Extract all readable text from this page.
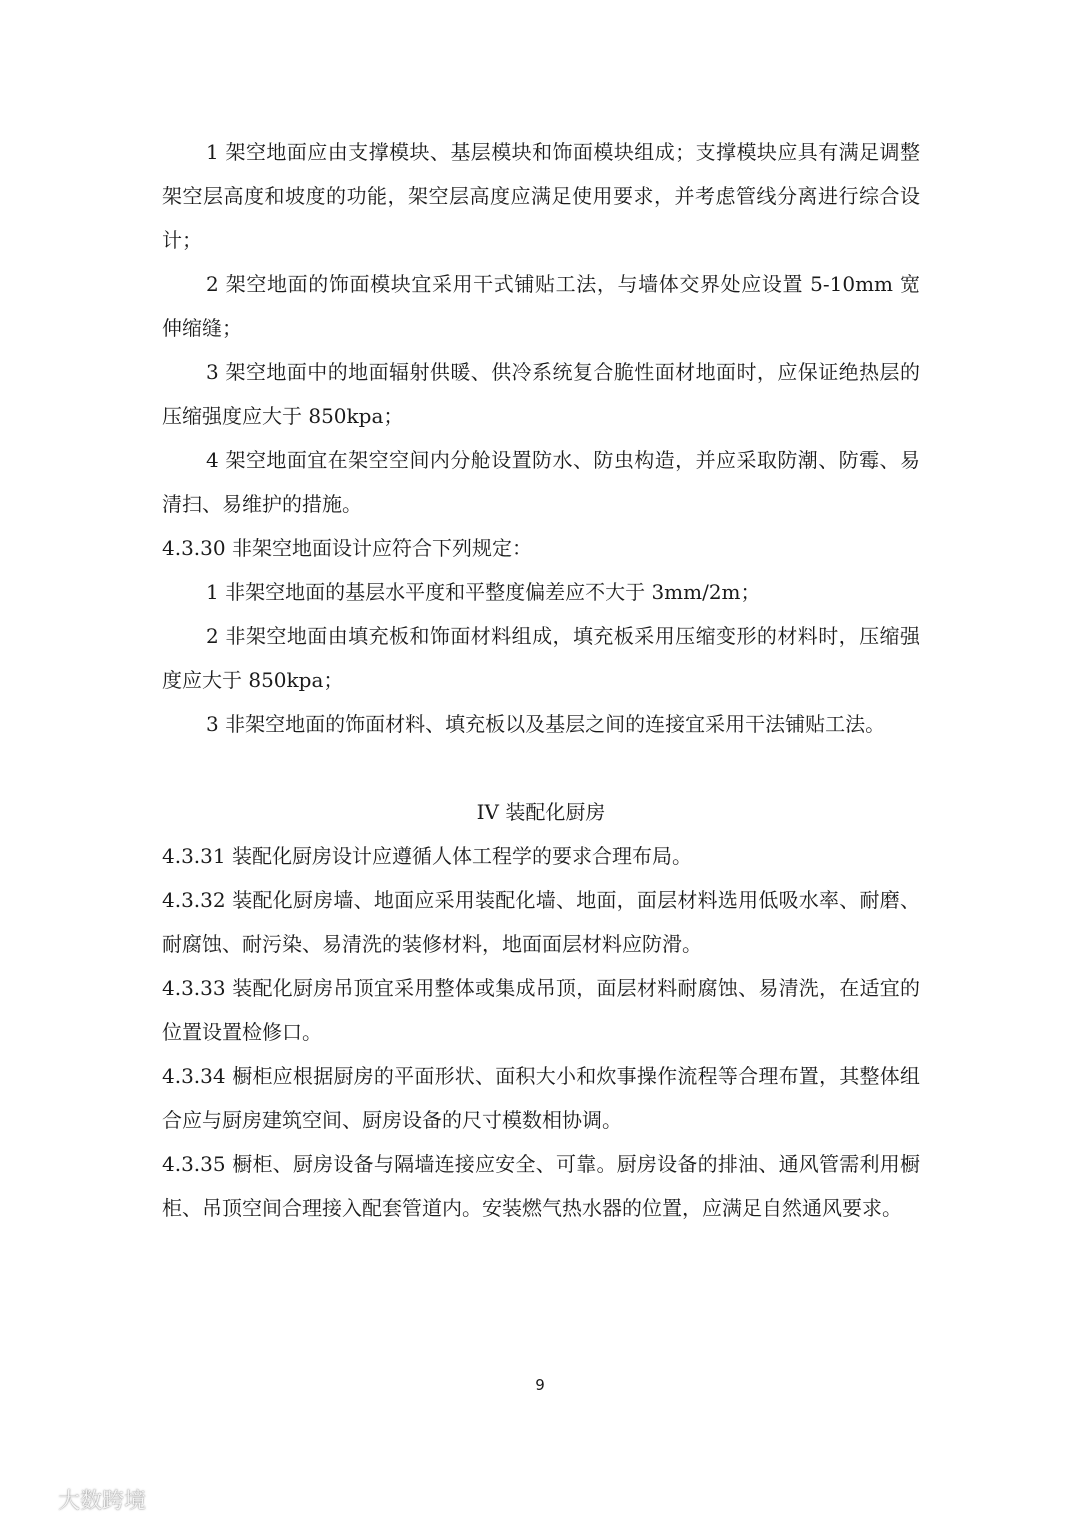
1 架空地面应由支撑模块、基层模块和饰面模块组成；支撑模块应具有满足调整架空层高度和坡度的功能，架空层高度应满足使用要求，并考虑管线分离进行综合设计；

2 架空地面的饰面模块宜采用干式铺贴工法，与墙体交界处应设置 5-10mm 宽伸缩缝；

3 架空地面中的地面辐射供暖、供冷系统复合脆性面材地面时，应保证绝热层的压缩强度应大于 850kpa；

4 架空地面宜在架空空间内分舱设置防水、防虫构造，并应采取防潮、防霉、易清扫、易维护的措施。

4.3.30 非架空地面设计应符合下列规定：

1 非架空地面的基层水平度和平整度偏差应不大于 3mm/2m；

2 非架空地面由填充板和饰面材料组成，填充板采用压缩变形的材料时，压缩强度应大于 850kpa；

3 非架空地面的饰面材料、填充板以及基层之间的连接宜采用干法铺贴工法。

IV 装配化厨房

4.3.31 装配化厨房设计应遵循人体工程学的要求合理布局。

4.3.32 装配化厨房墙、地面应采用装配化墙、地面，面层材料选用低吸水率、耐磨、耐腐蚀、耐污染、易清洗的装修材料，地面面层材料应防滑。

4.3.33 装配化厨房吊顶宜采用整体或集成吊顶，面层材料耐腐蚀、易清洗，在适宜的位置设置检修口。

4.3.34 橱柜应根据厨房的平面形状、面积大小和炊事操作流程等合理布置，其整体组合应与厨房建筑空间、厨房设备的尺寸模数相协调。

4.3.35 橱柜、厨房设备与隔墙连接应安全、可靠。厨房设备的排油、通风管需利用橱柜、吊顶空间合理接入配套管道内。安装燃气热水器的位置，应满足自然通风要求。

9
大数跨境
